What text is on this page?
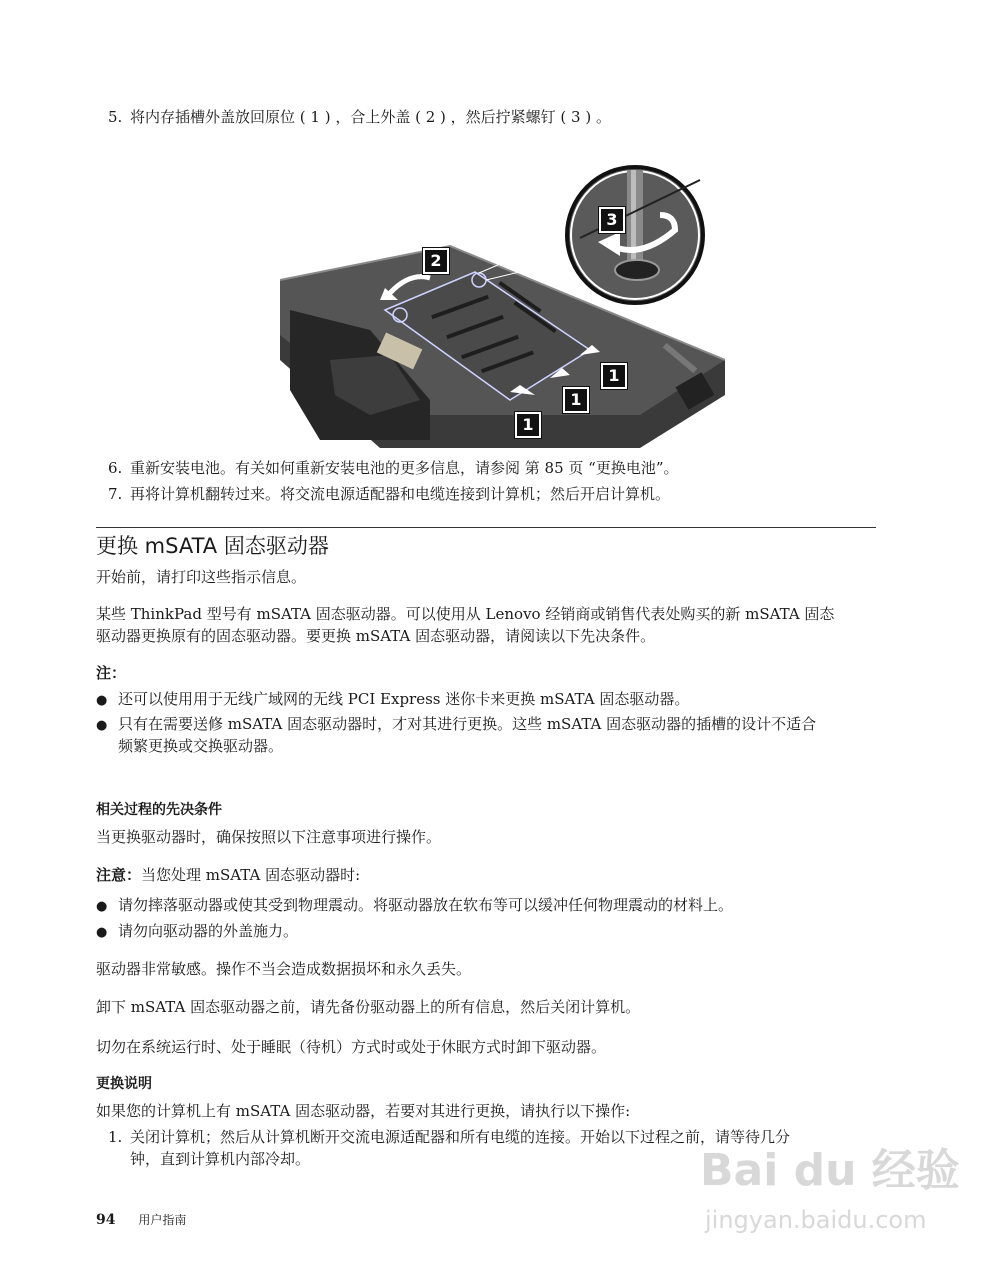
5. 将内存插槽外盖放回原位 ( 1 ) ，合上外盖 ( 2 ) ，然后拧紧螺钉 ( 3 ) 。
3
2
1
1
1
6. 重新安装电池。有关如何重新安装电池的更多信息，请参阅 第 85 页 “更换电池”。
7. 再将计算机翻转过来。将交流电源适配器和电缆连接到计算机；然后开启计算机。
更换 mSATA 固态驱动器
开始前，请打印这些指示信息。
某些 ThinkPad 型号有 mSATA 固态驱动器。可以使用从 Lenovo 经销商或销售代表处购买的新 mSATA 固态
驱动器更换原有的固态驱动器。要更换 mSATA 固态驱动器，请阅读以下先决条件。
注：
● 还可以使用用于无线广域网的无线 PCI Express 迷你卡来更换 mSATA 固态驱动器。
● 只有在需要送修 mSATA 固态驱动器时，才对其进行更换。这些 mSATA 固态驱动器的插槽的设计不适合
频繁更换或交换驱动器。
相关过程的先决条件
当更换驱动器时，确保按照以下注意事项进行操作。
注意：当您处理 mSATA 固态驱动器时:
● 请勿摔落驱动器或使其受到物理震动。将驱动器放在软布等可以缓冲任何物理震动的材料上。
● 请勿向驱动器的外盖施力。
驱动器非常敏感。操作不当会造成数据损坏和永久丢失。
卸下 mSATA 固态驱动器之前，请先备份驱动器上的所有信息，然后关闭计算机。
切勿在系统运行时、处于睡眠（待机）方式时或处于休眠方式时卸下驱动器。
更换说明
如果您的计算机上有 mSATA 固态驱动器，若要对其进行更换，请执行以下操作:
1. 关闭计算机；然后从计算机断开交流电源适配器和所有电缆的连接。开始以下过程之前，请等待几分
钟，直到计算机内部冷却。
94 用户指南
Bai du 经验
jingyan.baidu.com
